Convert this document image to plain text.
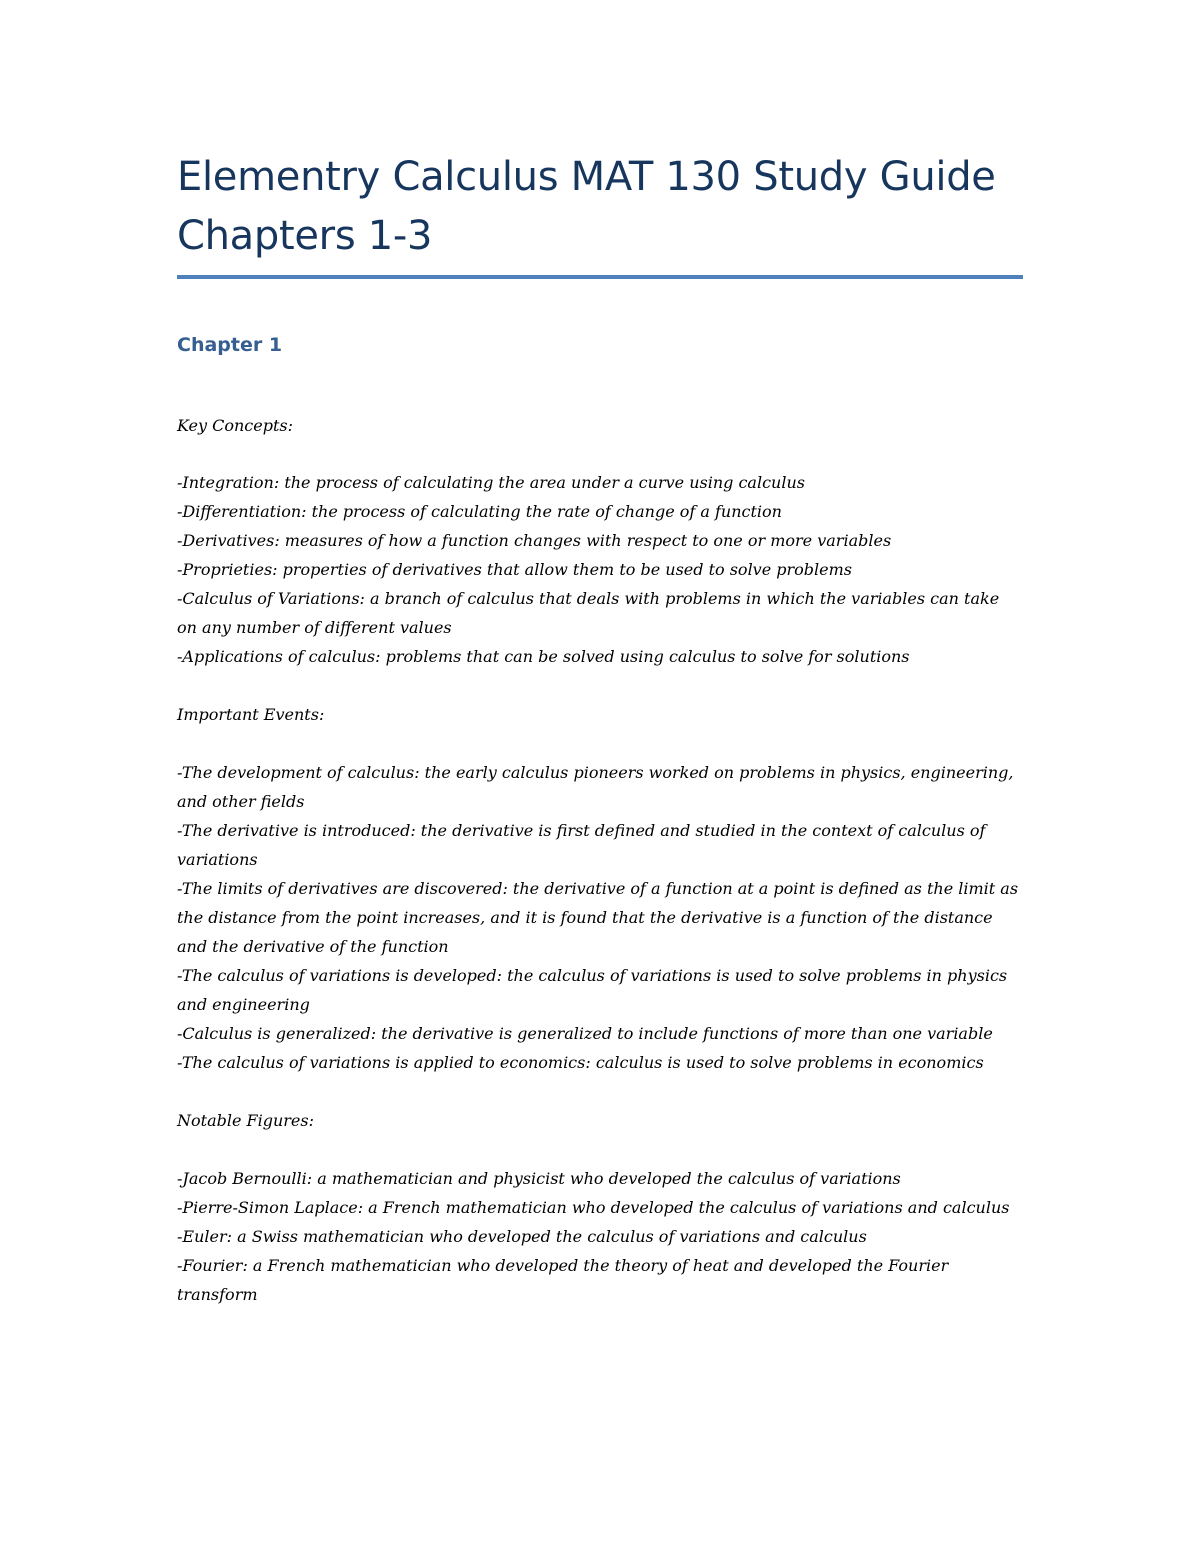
Elementry Calculus MAT 130 Study Guide Chapters 1-3
Chapter 1
Key Concepts:
-Integration: the process of calculating the area under a curve using calculus
-Differentiation: the process of calculating the rate of change of a function
-Derivatives: measures of how a function changes with respect to one or more variables
-Proprieties: properties of derivatives that allow them to be used to solve problems
-Calculus of Variations: a branch of calculus that deals with problems in which the variables can take on any number of different values
-Applications of calculus: problems that can be solved using calculus to solve for solutions
Important Events:
-The development of calculus: the early calculus pioneers worked on problems in physics, engineering, and other fields
-The derivative is introduced: the derivative is first defined and studied in the context of calculus of variations
-The limits of derivatives are discovered: the derivative of a function at a point is defined as the limit as the distance from the point increases, and it is found that the derivative is a function of the distance and the derivative of the function
-The calculus of variations is developed: the calculus of variations is used to solve problems in physics and engineering
-Calculus is generalized: the derivative is generalized to include functions of more than one variable
-The calculus of variations is applied to economics: calculus is used to solve problems in economics
Notable Figures:
-Jacob Bernoulli: a mathematician and physicist who developed the calculus of variations
-Pierre-Simon Laplace: a French mathematician who developed the calculus of variations and calculus
-Euler: a Swiss mathematician who developed the calculus of variations and calculus
-Fourier: a French mathematician who developed the theory of heat and developed the Fourier transform
